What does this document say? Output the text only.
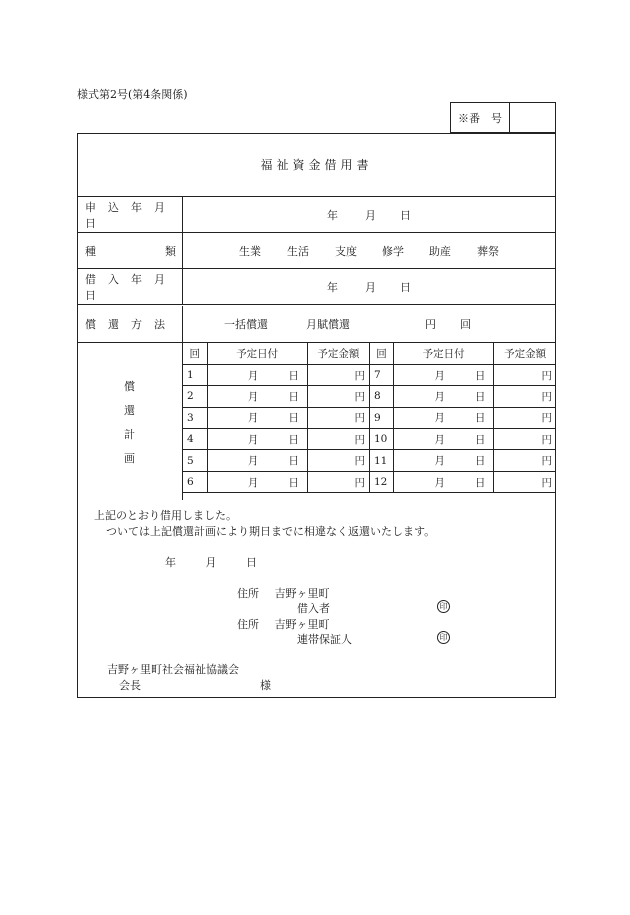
様式第2号(第4条関係)
※番　号
福祉資金借用書
申込年月日
年 月 日
種	類	生業 生活 支度 修学 助産 葬祭
借入年月日
年 月 日
償還方法	一括償還	月賦償還	円 回
償
還
計
画
回	予定日付	予定金額	回	予定日付	予定金額
1	月 日	円	7	月 日	円
2	月 日	円	8	月 日	円
3	月 日	円	9	月 日	円
4	月 日	円	10	月 日	円
5	月 日	円	11	月 日	円
6	月 日	円	12	月 日	円
上記のとおり借用しました。
ついては上記償還計画により期日までに相違なく返還いたします。
年	月	日
住所 吉野ヶ里町
借入者	印
住所 吉野ヶ里町
連帯保証人	印
吉野ヶ里町社会福祉協議会
会長	様
